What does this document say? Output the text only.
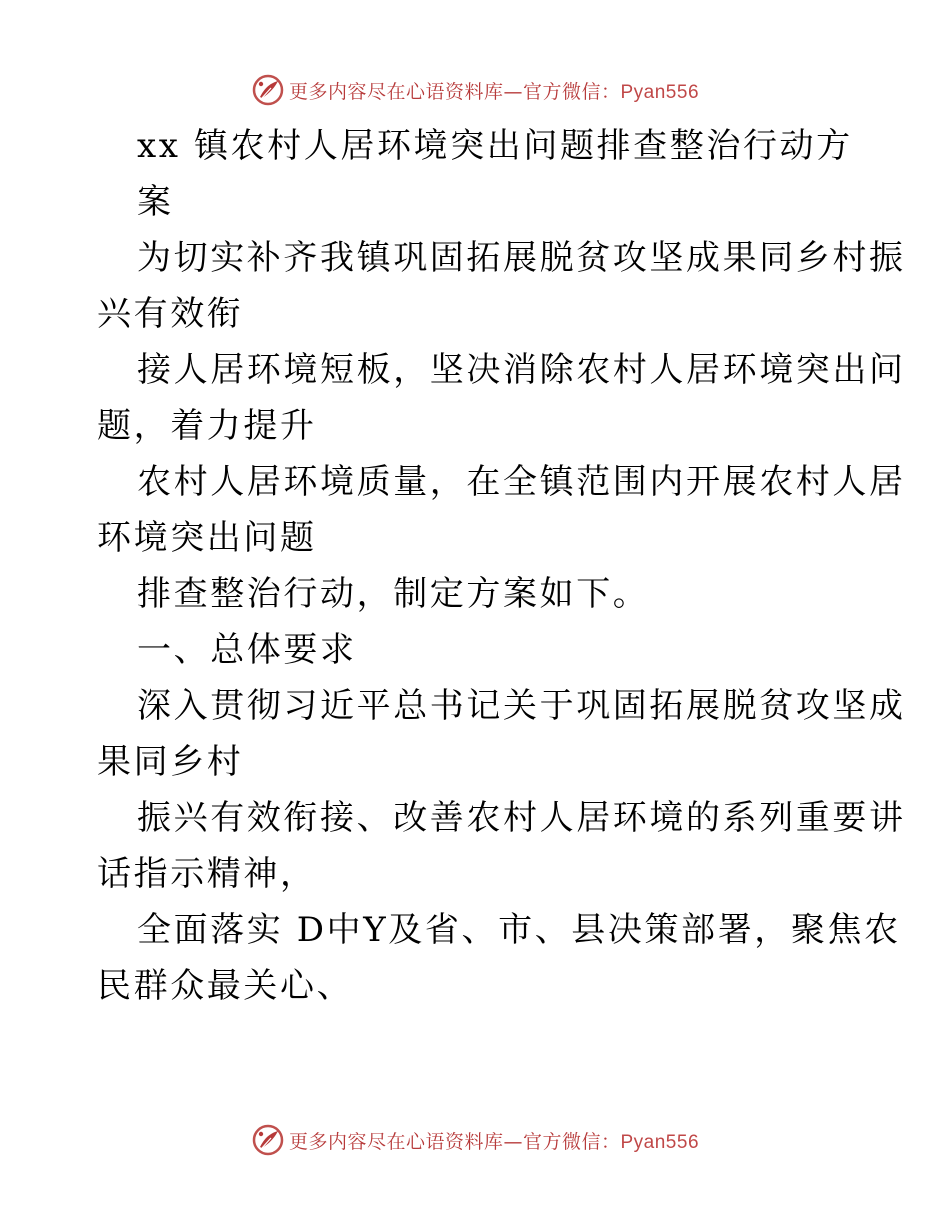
更多内容尽在心语资料库—官方微信：Pyan556
xx 镇农村人居环境突出问题排查整治行动方
案
为切实补齐我镇巩固拓展脱贫攻坚成果同乡村振
兴有效衔
接人居环境短板，坚决消除农村人居环境突出问
题，着力提升
农村人居环境质量，在全镇范围内开展农村人居
环境突出问题
排查整治行动，制定方案如下。
一、总体要求
深入贯彻习近平总书记关于巩固拓展脱贫攻坚成
果同乡村
振兴有效衔接、改善农村人居环境的系列重要讲
话指示精神，
全面落实 D中Y及省、市、县决策部署，聚焦农
民群众最关心、
更多内容尽在心语资料库—官方微信：Pyan556
